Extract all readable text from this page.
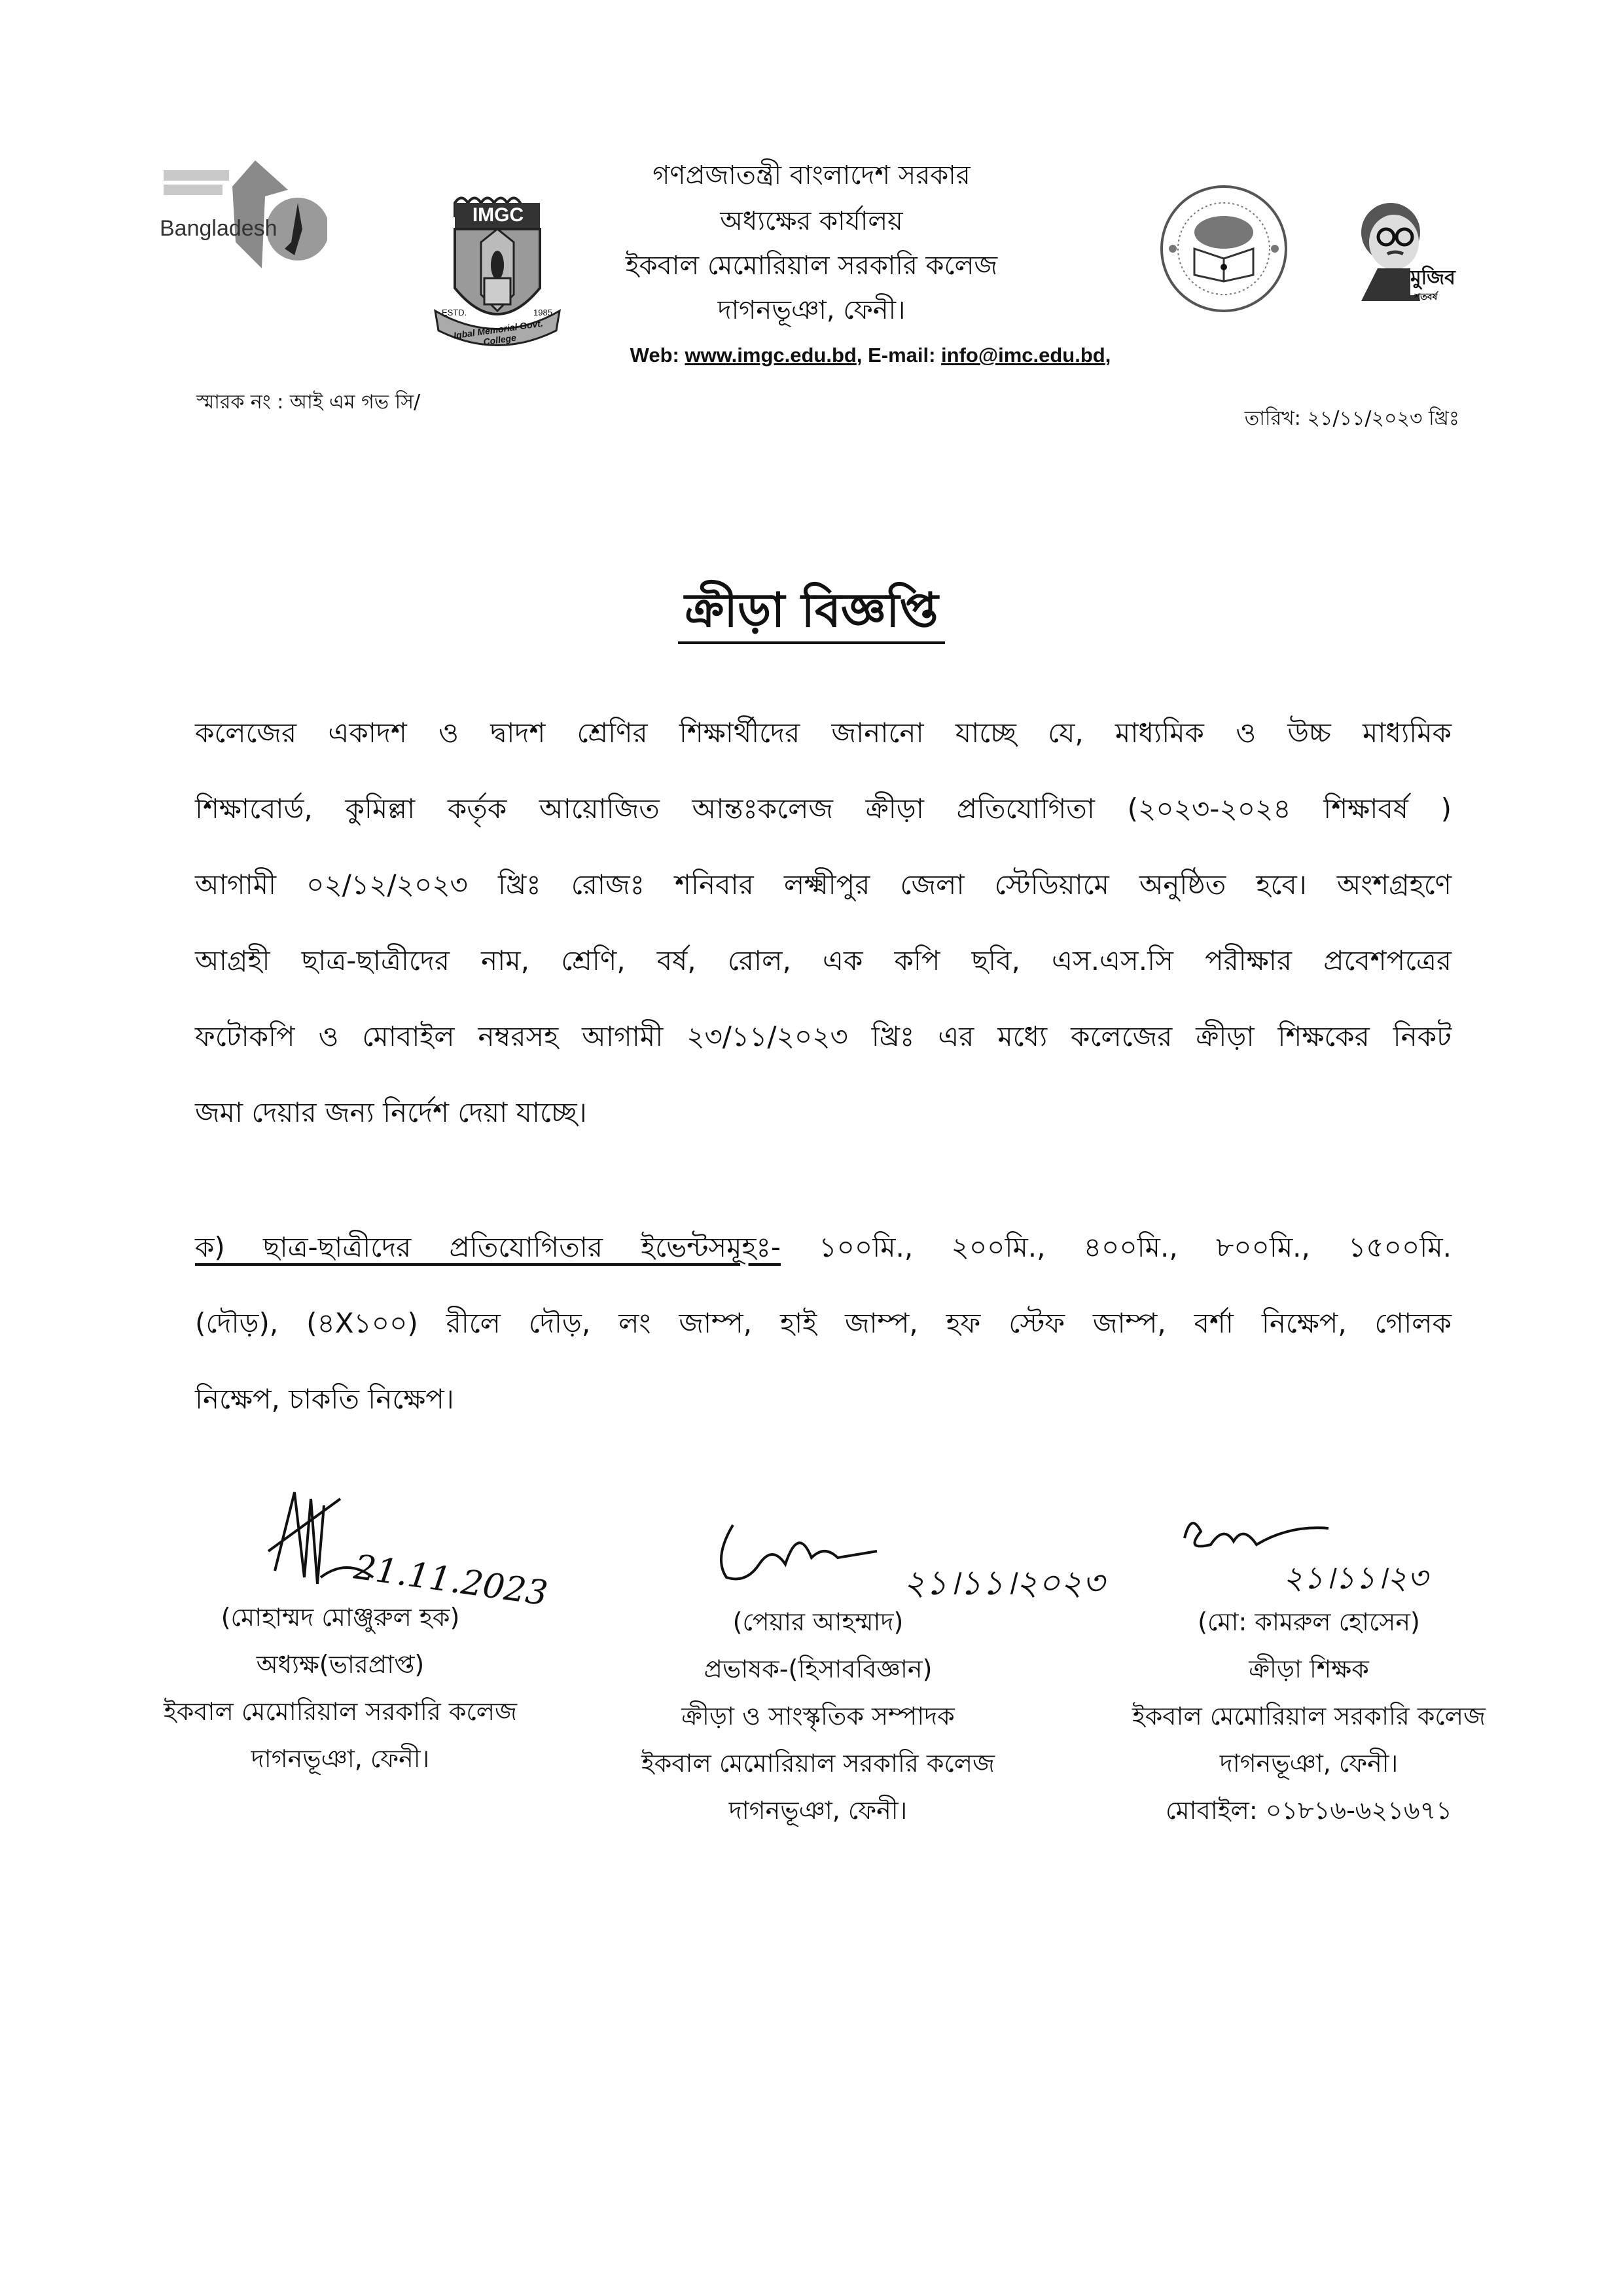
Bangladesh
IMGC
ESTD.	1985
Iqbal Memorial Govt. College
মুজিব
শতবর্ষ
গণপ্রজাতন্ত্রী বাংলাদেশ সরকার
অধ্যক্ষের কার্যালয়
ইকবাল মেমোরিয়াল সরকারি কলেজ
দাগনভূঞা, ফেনী।
Web: www.imgc.edu.bd, E-mail: info@imc.edu.bd,
স্মারক নং : আই এম গভ সি/
তারিখ: ২১/১১/২০২৩ খ্রিঃ
ক্রীড়া বিজ্ঞপ্তি
কলেজের একাদশ ও দ্বাদশ শ্রেণির শিক্ষার্থীদের জানানো যাচ্ছে যে, মাধ্যমিক ও উচ্চ মাধ্যমিক
শিক্ষাবোর্ড, কুমিল্লা কর্তৃক আয়োজিত আন্তঃকলেজ ক্রীড়া প্রতিযোগিতা (২০২৩-২০২৪ শিক্ষাবর্ষ )
আগামী ০২/১২/২০২৩ খ্রিঃ রোজঃ শনিবার লক্ষ্মীপুর জেলা স্টেডিয়ামে অনুষ্ঠিত হবে। অংশগ্রহণে
আগ্রহী ছাত্র-ছাত্রীদের নাম, শ্রেণি, বর্ষ, রোল, এক কপি ছবি, এস.এস.সি পরীক্ষার প্রবেশপত্রের
ফটোকপি ও মোবাইল নম্বরসহ আগামী ২৩/১১/২০২৩ খ্রিঃ এর মধ্যে কলেজের ক্রীড়া শিক্ষকের নিকট
জমা দেয়ার জন্য নির্দেশ দেয়া যাচ্ছে।
ক) ছাত্র-ছাত্রীদের প্রতিযোগিতার ইভেন্টসমূহঃ- ১০০মি., ২০০মি., ৪০০মি., ৮০০মি., ১৫০০মি.
(দৌড়), (৪X১০০) রীলে দৌড়, লং জাম্প, হাই জাম্প, হফ স্টেফ জাম্প, বর্শা নিক্ষেপ, গোলক
নিক্ষেপ, চাকতি নিক্ষেপ।
21.11.2023
(মোহাম্মদ মোঞ্জুরুল হক)
অধ্যক্ষ(ভারপ্রাপ্ত)
ইকবাল মেমোরিয়াল সরকারি কলেজ
দাগনভূঞা, ফেনী।
২১।১১।২০২৩
(পেয়ার আহম্মাদ)
প্রভাষক-(হিসাববিজ্ঞান)
ক্রীড়া ও সাংস্কৃতিক সম্পাদক
ইকবাল মেমোরিয়াল সরকারি কলেজ
দাগনভূঞা, ফেনী।
২১।১১।২৩
(মো: কামরুল হোসেন)
ক্রীড়া শিক্ষক
ইকবাল মেমোরিয়াল সরকারি কলেজ
দাগনভূঞা, ফেনী।
মোবাইল: ০১৮১৬-৬২১৬৭১
